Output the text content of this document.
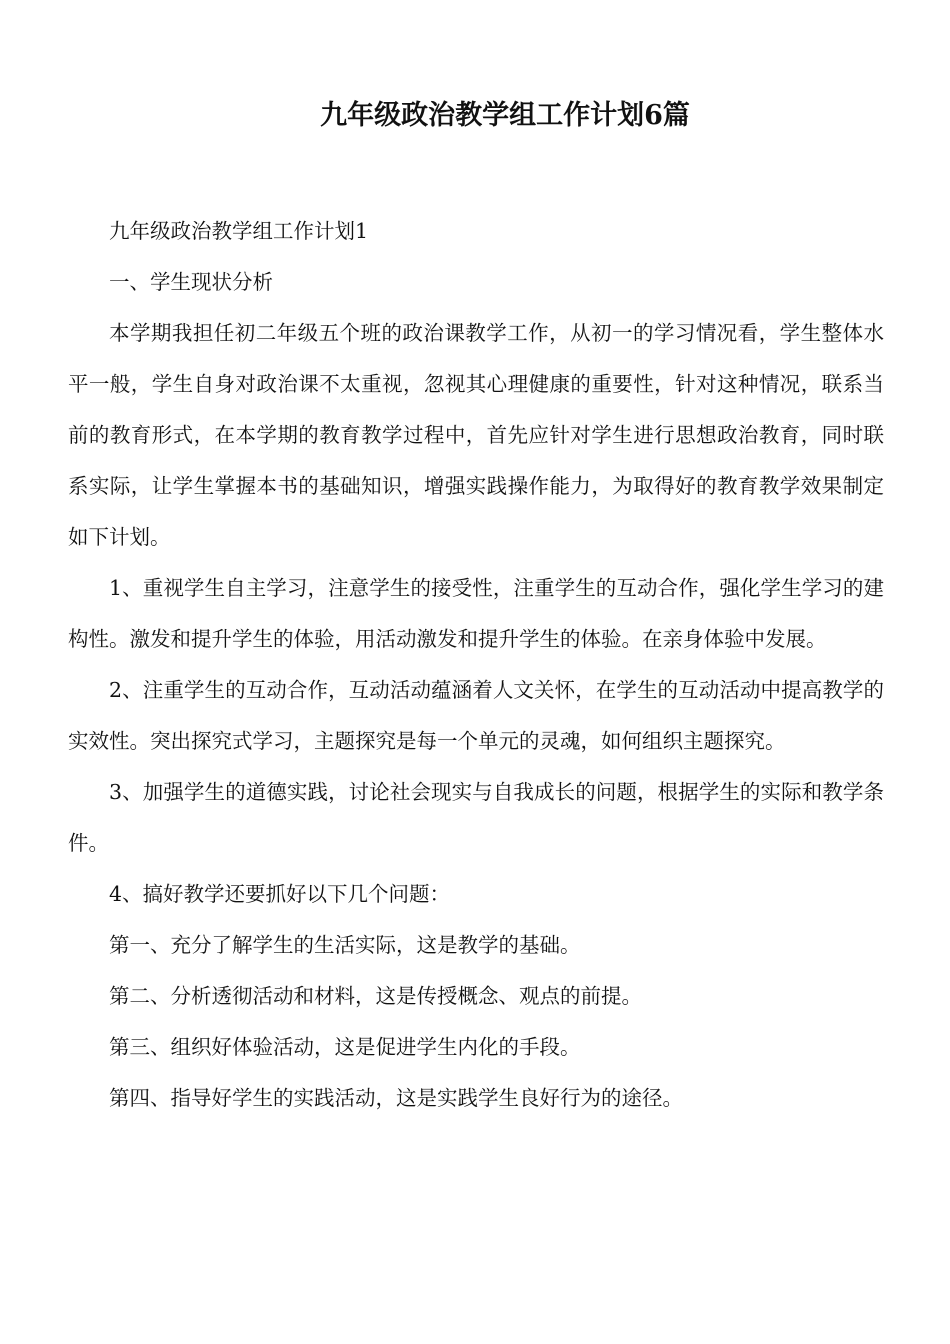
九年级政治教学组工作计划6篇

九年级政治教学组工作计划1

一、学生现状分析

本学期我担任初二年级五个班的政治课教学工作，从初一的学习情况看，学生整体水平一般，学生自身对政治课不太重视，忽视其心理健康的重要性，针对这种情况，联系当前的教育形式，在本学期的教育教学过程中，首先应针对学生进行思想政治教育，同时联系实际，让学生掌握本书的基础知识，增强实践操作能力，为取得好的教育教学效果制定如下计划。

1、重视学生自主学习，注意学生的接受性，注重学生的互动合作，强化学生学习的建构性。激发和提升学生的体验，用活动激发和提升学生的体验。在亲身体验中发展。

2、注重学生的互动合作，互动活动蕴涵着人文关怀，在学生的互动活动中提高教学的实效性。突出探究式学习，主题探究是每一个单元的灵魂，如何组织主题探究。

3、加强学生的道德实践，讨论社会现实与自我成长的问题，根据学生的实际和教学条件。

4、搞好教学还要抓好以下几个问题：

第一、充分了解学生的生活实际，这是教学的基础。

第二、分析透彻活动和材料，这是传授概念、观点的前提。

第三、组织好体验活动，这是促进学生内化的手段。

第四、指导好学生的实践活动，这是实践学生良好行为的途径。
